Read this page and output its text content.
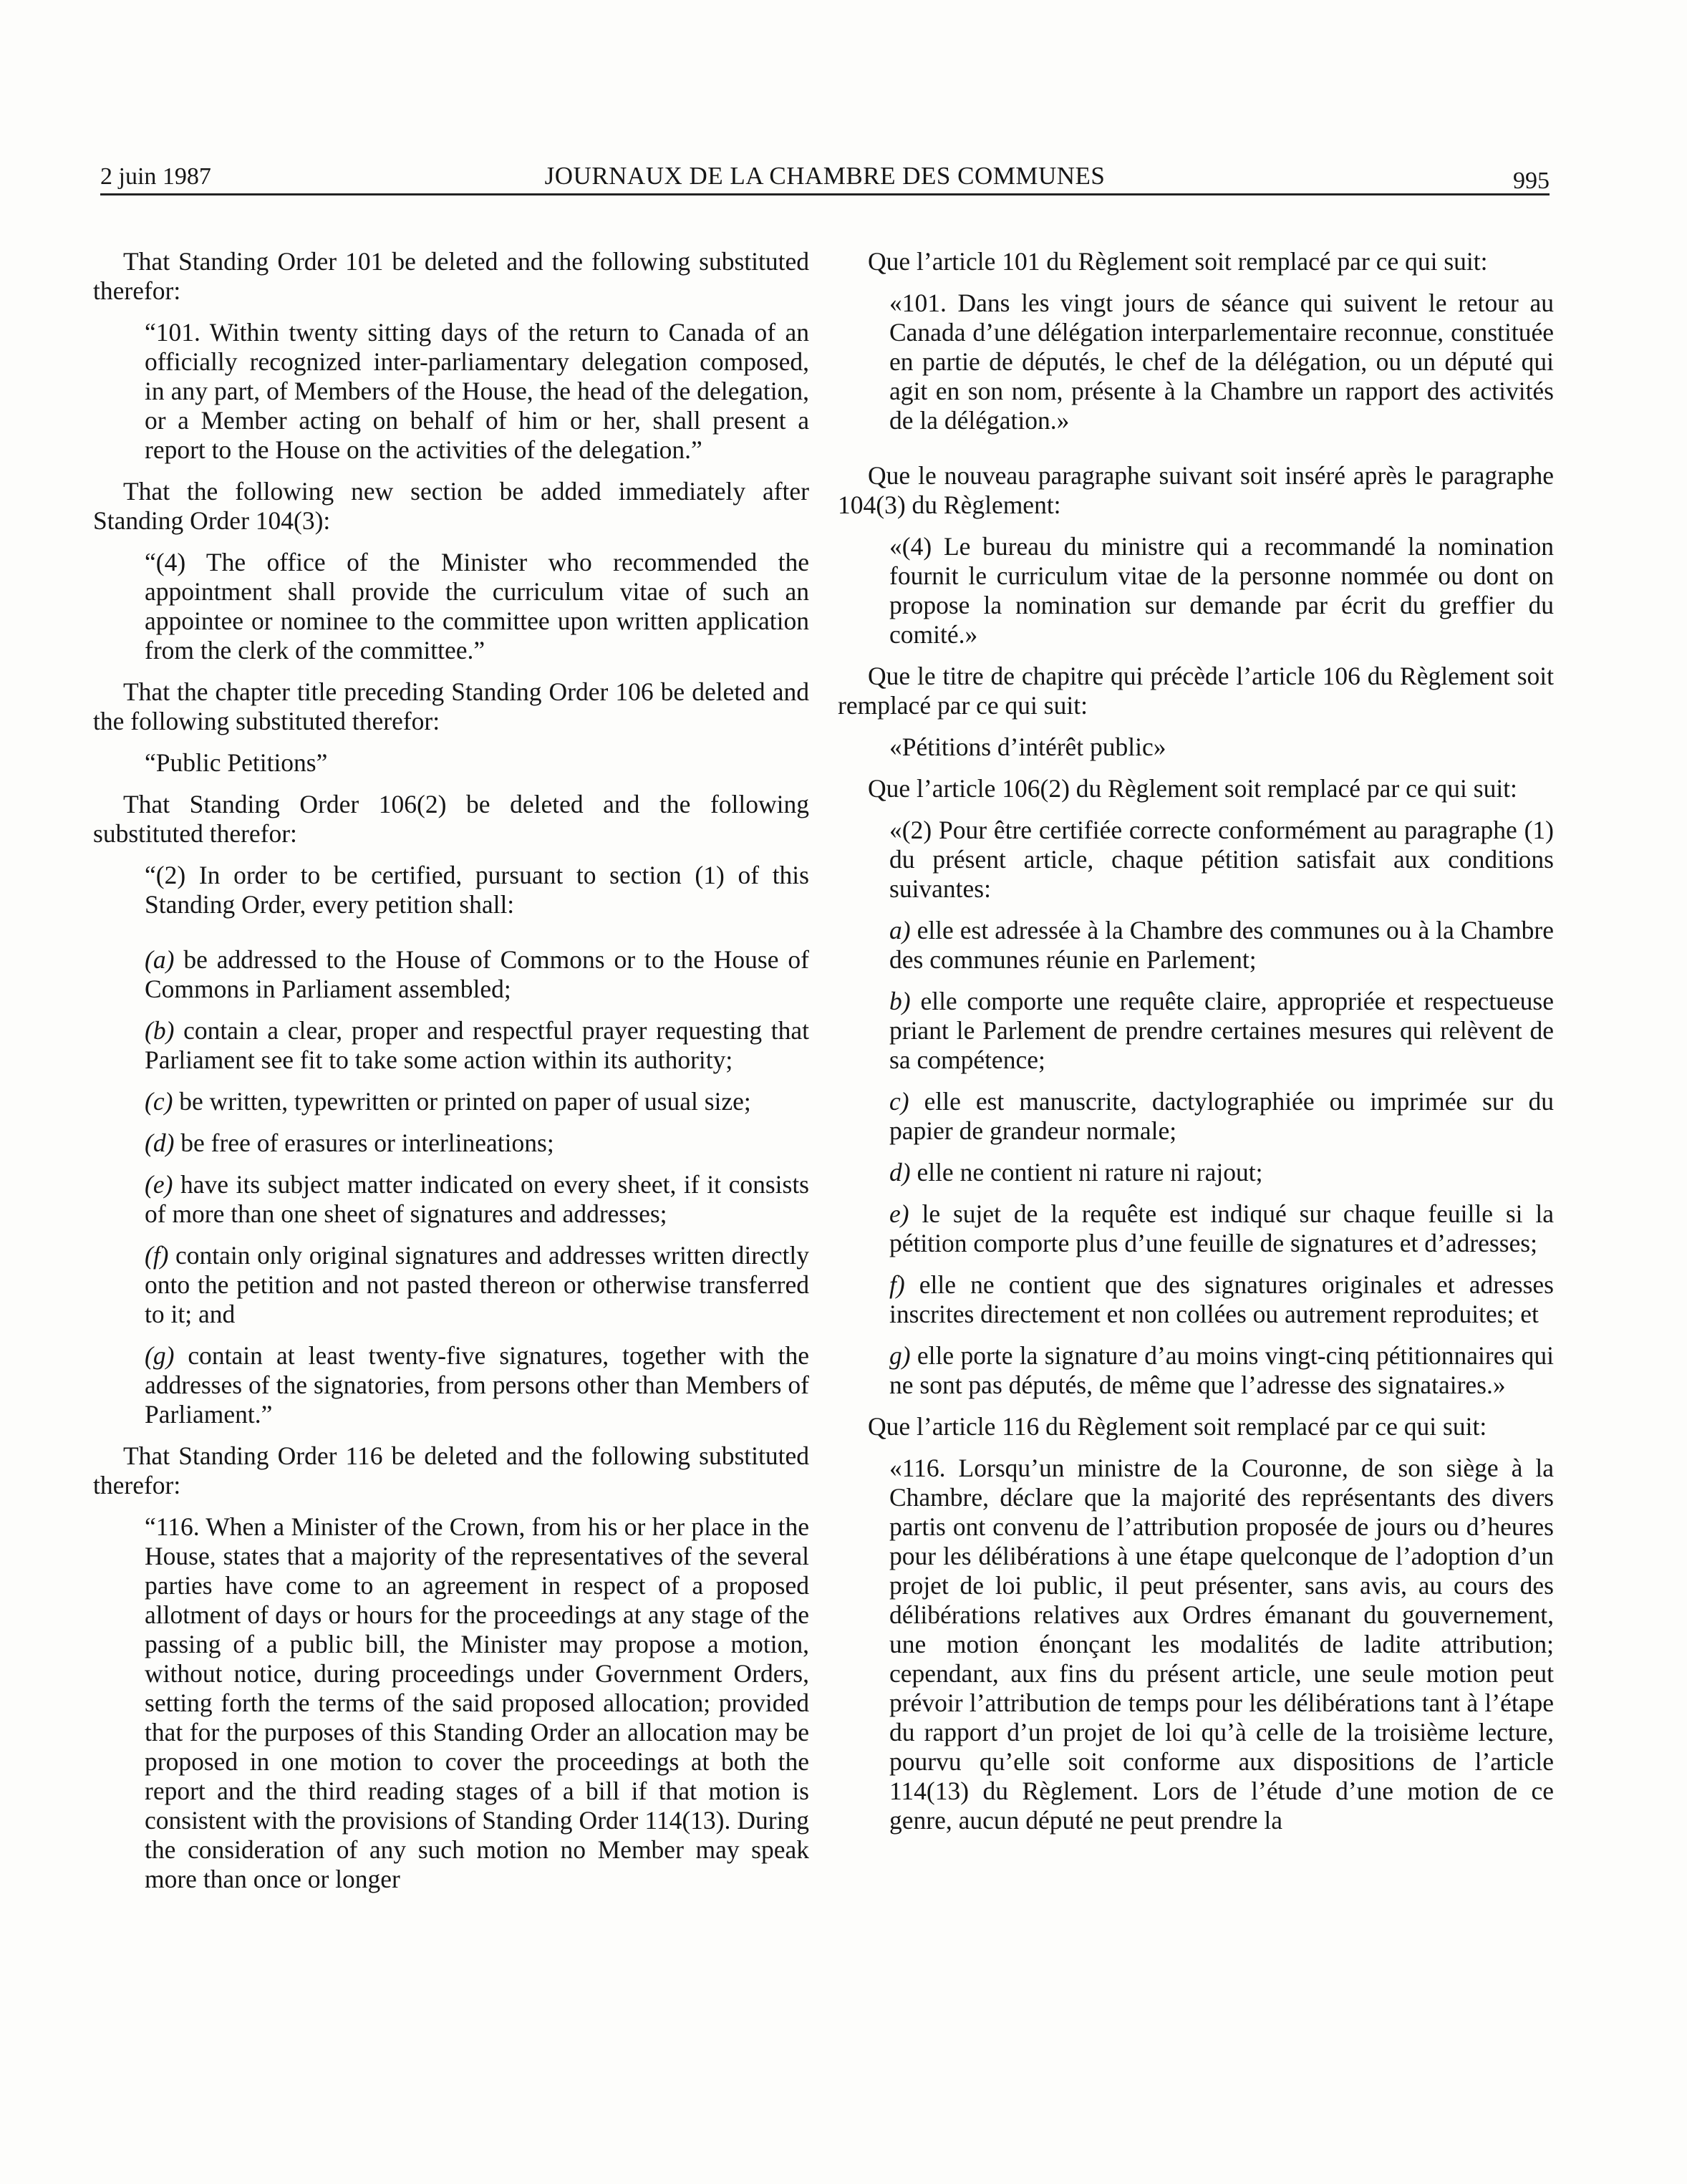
2 juin 1987	JOURNAUX DE LA CHAMBRE DES COMMUNES	995

That Standing Order 101 be deleted and the following substituted therefor:

“101. Within twenty sitting days of the return to Canada of an officially recognized inter-parliamentary delegation composed, in any part, of Members of the House, the head of the delegation, or a Member acting on behalf of him or her, shall present a report to the House on the activities of the delegation.”

That the following new section be added immediately after Standing Order 104(3):

“(4) The office of the Minister who recommended the appointment shall provide the curriculum vitae of such an appointee or nominee to the committee upon written application from the clerk of the committee.”

That the chapter title preceding Standing Order 106 be deleted and the following substituted therefor:

“Public Petitions”

That Standing Order 106(2) be deleted and the following substituted therefor:

“(2) In order to be certified, pursuant to section (1) of this Standing Order, every petition shall:

(a) be addressed to the House of Commons or to the House of Commons in Parliament assembled;

(b) contain a clear, proper and respectful prayer requesting that Parliament see fit to take some action within its authority;

(c) be written, typewritten or printed on paper of usual size;

(d) be free of erasures or interlineations;

(e) have its subject matter indicated on every sheet, if it consists of more than one sheet of signatures and addresses;

(f) contain only original signatures and addresses written directly onto the petition and not pasted thereon or otherwise transferred to it; and

(g) contain at least twenty-five signatures, together with the addresses of the signatories, from persons other than Members of Parliament.”

That Standing Order 116 be deleted and the following substituted therefor:

“116. When a Minister of the Crown, from his or her place in the House, states that a majority of the representatives of the several parties have come to an agreement in respect of a proposed allotment of days or hours for the proceedings at any stage of the passing of a public bill, the Minister may propose a motion, without notice, during proceedings under Government Orders, setting forth the terms of the said proposed allocation; provided that for the purposes of this Standing Order an allocation may be proposed in one motion to cover the proceedings at both the report and the third reading stages of a bill if that motion is consistent with the provisions of Standing Order 114(13). During the consideration of any such motion no Member may speak more than once or longer

Que l’article 101 du Règlement soit remplacé par ce qui suit:

«101. Dans les vingt jours de séance qui suivent le retour au Canada d’une délégation interparlementaire reconnue, constituée en partie de députés, le chef de la délégation, ou un député qui agit en son nom, présente à la Chambre un rapport des activités de la délégation.»

Que le nouveau paragraphe suivant soit inséré après le paragraphe 104(3) du Règlement:

«(4) Le bureau du ministre qui a recommandé la nomination fournit le curriculum vitae de la personne nommée ou dont on propose la nomination sur demande par écrit du greffier du comité.»

Que le titre de chapitre qui précède l’article 106 du Règlement soit remplacé par ce qui suit:

«Pétitions d’intérêt public»

Que l’article 106(2) du Règlement soit remplacé par ce qui suit:

«(2) Pour être certifiée correcte conformément au paragraphe (1) du présent article, chaque pétition satisfait aux conditions suivantes:

a) elle est adressée à la Chambre des communes ou à la Chambre des communes réunie en Parlement;

b) elle comporte une requête claire, appropriée et respectueuse priant le Parlement de prendre certaines mesures qui relèvent de sa compétence;

c) elle est manuscrite, dactylographiée ou imprimée sur du papier de grandeur normale;

d) elle ne contient ni rature ni rajout;

e) le sujet de la requête est indiqué sur chaque feuille si la pétition comporte plus d’une feuille de signatures et d’adresses;

f) elle ne contient que des signatures originales et adresses inscrites directement et non collées ou autrement reproduites; et

g) elle porte la signature d’au moins vingt-cinq pétitionnaires qui ne sont pas députés, de même que l’adresse des signataires.»

Que l’article 116 du Règlement soit remplacé par ce qui suit:

«116. Lorsqu’un ministre de la Couronne, de son siège à la Chambre, déclare que la majorité des représentants des divers partis ont convenu de l’attribution proposée de jours ou d’heures pour les délibérations à une étape quelconque de l’adoption d’un projet de loi public, il peut présenter, sans avis, au cours des délibérations relatives aux Ordres émanant du gouvernement, une motion énonçant les modalités de ladite attribution; cependant, aux fins du présent article, une seule motion peut prévoir l’attribution de temps pour les délibérations tant à l’étape du rapport d’un projet de loi qu’à celle de la troisième lecture, pourvu qu’elle soit conforme aux dispositions de l’article 114(13) du Règlement. Lors de l’étude d’une motion de ce genre, aucun député ne peut prendre la
